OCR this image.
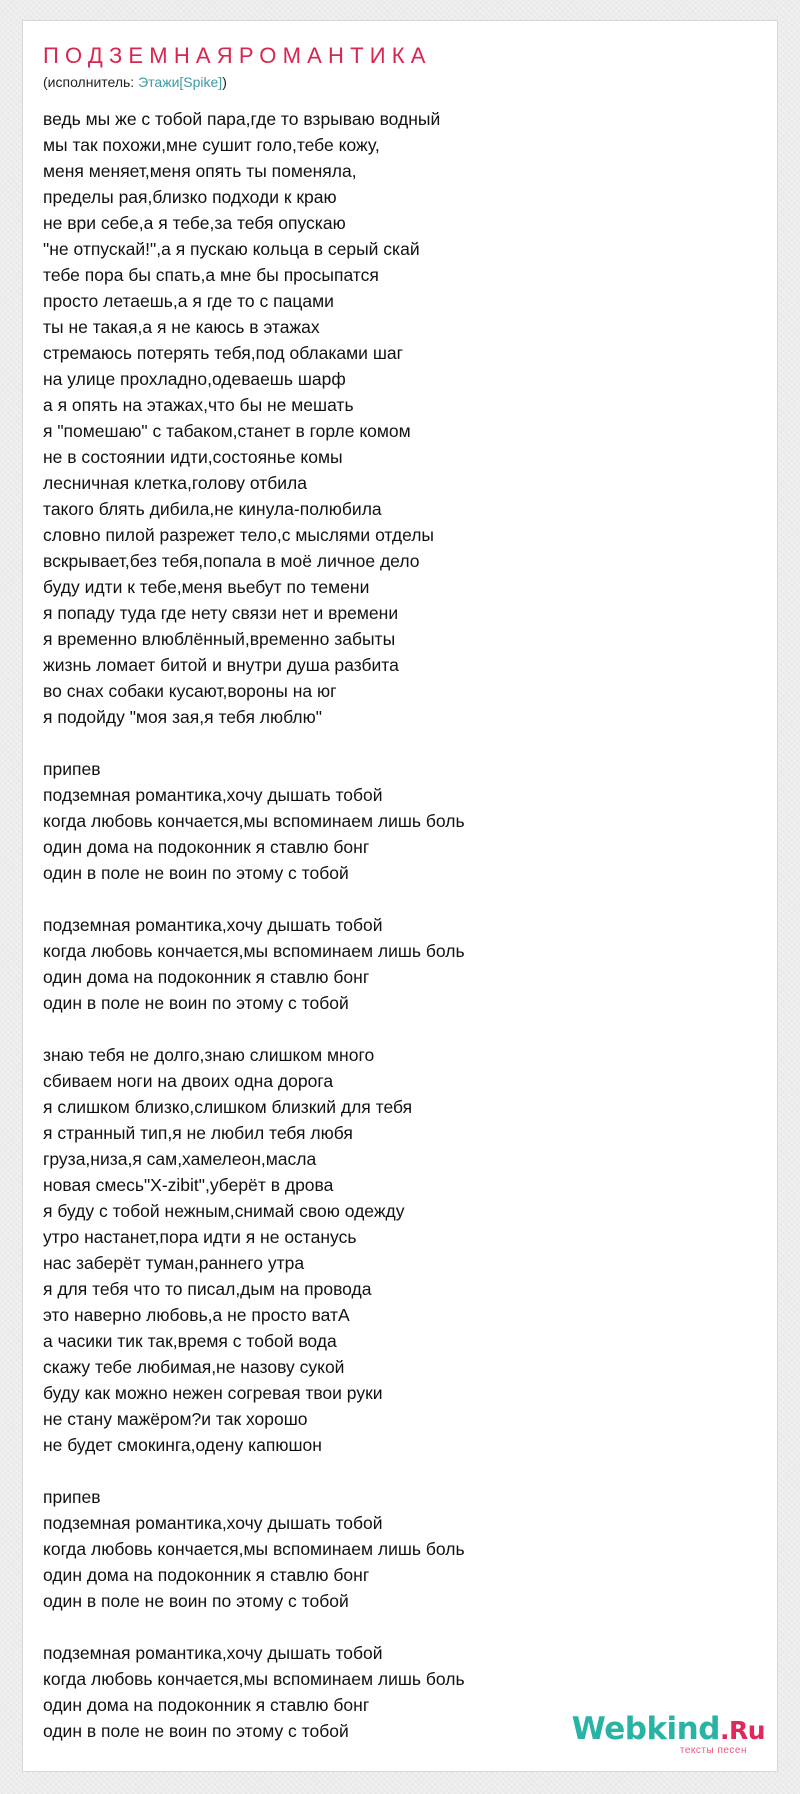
ПОДЗЕМНАЯРОМАНТИКА
(исполнитель: Этажи[Spike])
ведь мы же с тобой пара,где то взрываю водный
мы так похожи,мне сушит голо,тебе кожу,
меня меняет,меня опять ты поменяла,
пределы рая,близко подходи к краю
не ври себе,а я тебе,за тебя опускаю
"не отпускай!",а я пускаю кольца в серый скай
тебе пора бы спать,а мне бы просыпатся
просто летаешь,а я где то с пацами
ты не такая,а я не каюсь в этажах
стремаюсь потерять тебя,под облаками шаг
на улице прохладно,одеваешь шарф
а я опять на этажах,что бы не мешать
я "помешаю" с табаком,станет в горле комом
не в состоянии идти,состоянье комы
лесничная клетка,голову отбила
такого блять дибила,не кинула-полюбила
словно пилой разрежет тело,с мыслями отделы
вскрывает,без тебя,попала в моё личное дело
буду идти к тебе,меня вьебут по темени
я попаду туда где нету связи нет и времени
я временно влюблённый,временно забыты
жизнь ломает битой и внутри душа разбита
во снах собаки кусают,вороны на юг
я подойду "моя зая,я тебя люблю"
припев
подземная романтика,хочу дышать тобой
когда любовь кончается,мы вспоминаем лишь боль
один дома на подоконник я ставлю бонг
один в поле не воин по этому с тобой
подземная романтика,хочу дышать тобой
когда любовь кончается,мы вспоминаем лишь боль
один дома на подоконник я ставлю бонг
один в поле не воин по этому с тобой
знаю тебя не долго,знаю слишком много
сбиваем ноги на двоих одна дорога
я слишком близко,слишком близкий для тебя
я странный тип,я не любил тебя любя
груза,низа,я сам,хамелеон,масла
новая смесь"X-zibit",уберёт в дрова
я буду с тобой нежным,снимай свою одежду
утро настанет,пора идти я не останусь
нас заберёт туман,раннего утра
я для тебя что то писал,дым на провода
это наверно любовь,а не просто ватА
а часики тик так,время с тобой вода
скажу тебе любимая,не назову сукой
буду как можно нежен согревая твои руки
не стану мажёром?и так хорошо
не будет смокинга,одену капюшон
припев
подземная романтика,хочу дышать тобой
когда любовь кончается,мы вспоминаем лишь боль
один дома на подоконник я ставлю бонг
один в поле не воин по этому с тобой
подземная романтика,хочу дышать тобой
когда любовь кончается,мы вспоминаем лишь боль
один дома на подоконник я ставлю бонг
один в поле не воин по этому с тобой	Webkind.Ru
тексты песен
